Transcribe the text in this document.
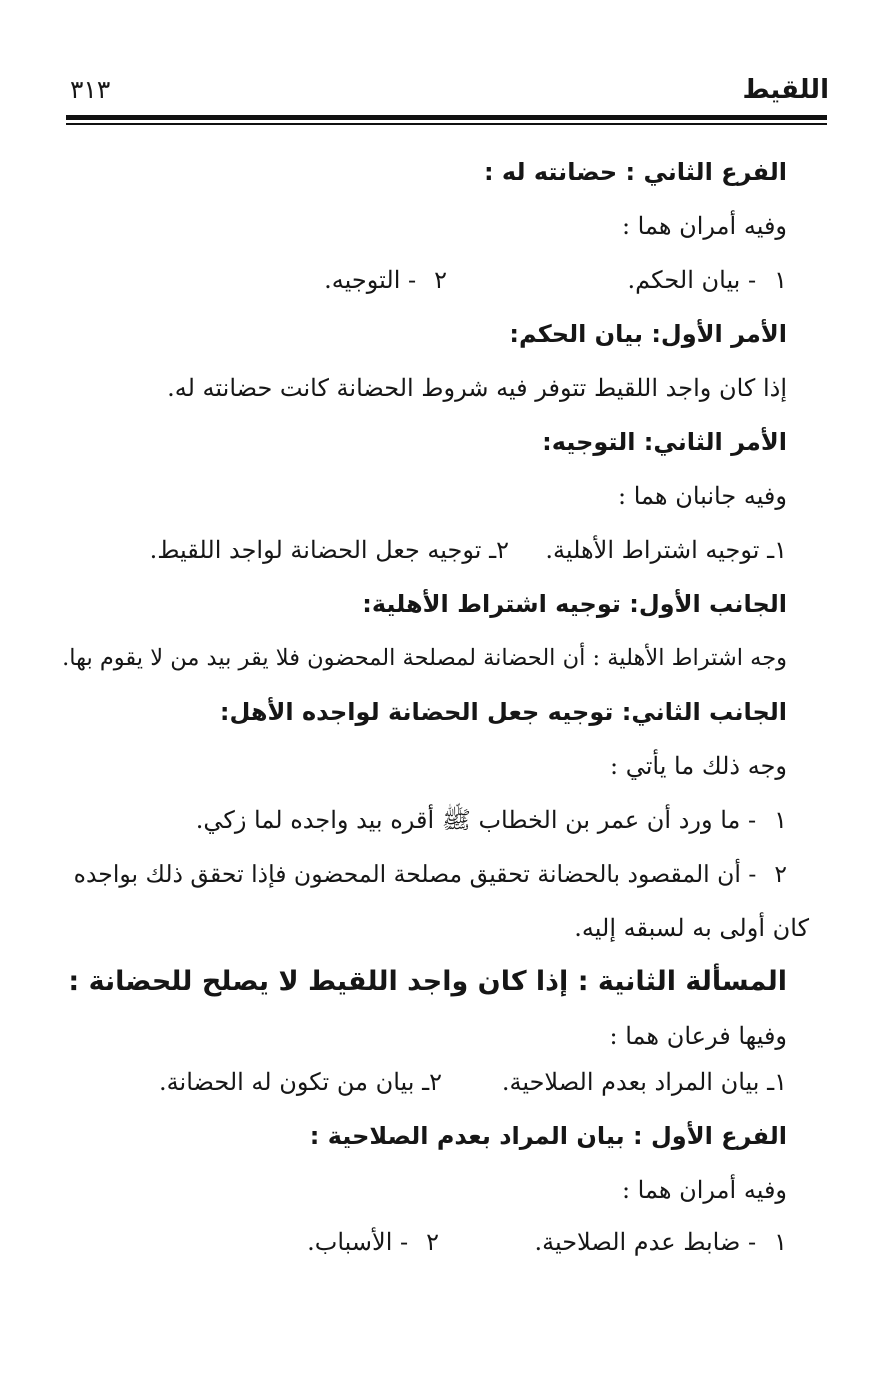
اللقيط
٣١٣
الفرع الثاني : حضانته له :
وفيه أمران هما :
١- بيان الحكم.
٢- التوجيه.
الأمر الأول: بيان الحكم:
إذا كان واجد اللقيط تتوفر فيه شروط الحضانة كانت حضانته له.
الأمر الثاني: التوجيه:
وفيه جانبان هما :
١ـ توجيه اشتراط الأهلية.
٢ـ توجيه جعل الحضانة لواجد اللقيط.
الجانب الأول: توجيه اشتراط الأهلية:
وجه اشتراط الأهلية : أن الحضانة لمصلحة المحضون فلا يقر بيد من لا يقوم بها.
الجانب الثاني: توجيه جعل الحضانة لواجده الأهل:
وجه ذلك ما يأتي :
١- ما ورد أن عمر بن الخطاب ﷺ أقره بيد واجده لما زكي.
٢- أن المقصود بالحضانة تحقيق مصلحة المحضون فإذا تحقق ذلك بواجده
كان أولى به لسبقه إليه.
المسألة الثانية : إذا كان واجد اللقيط لا يصلح للحضانة :
وفيها فرعان هما :
١ـ بيان المراد بعدم الصلاحية.
٢ـ بيان من تكون له الحضانة.
الفرع الأول : بيان المراد بعدم الصلاحية :
وفيه أمران هما :
١- ضابط عدم الصلاحية.
٢- الأسباب.
